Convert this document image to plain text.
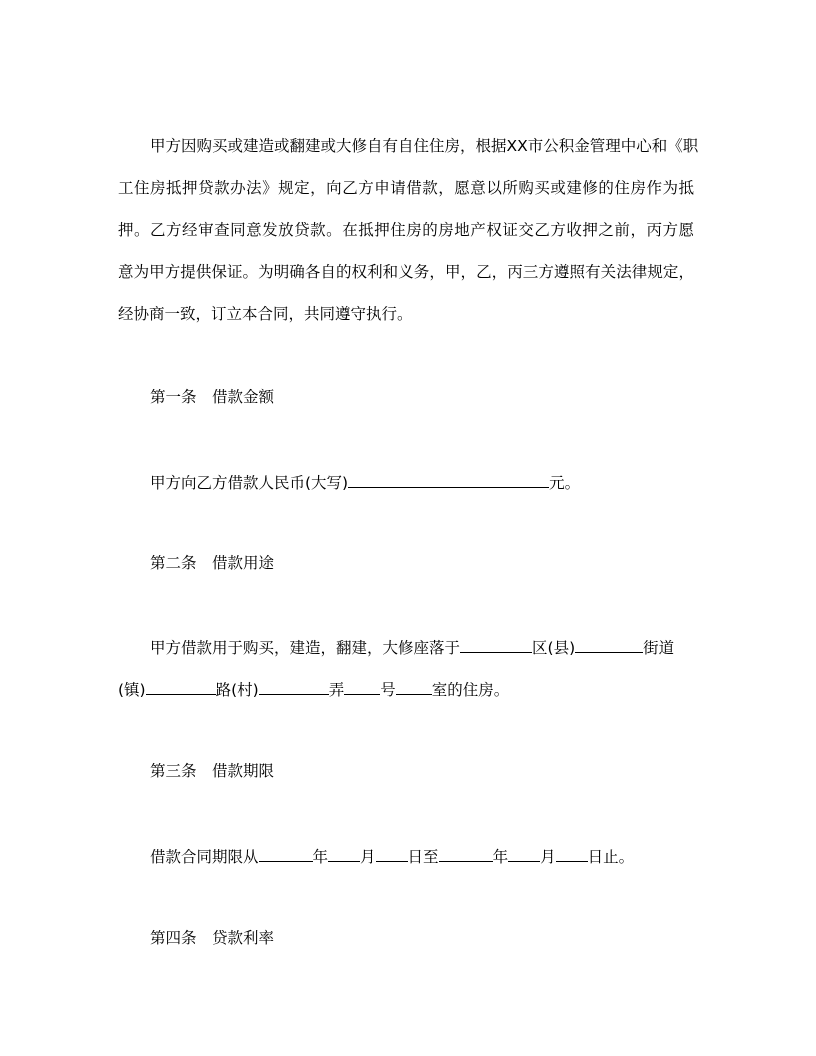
甲方因购买或建造或翻建或大修自有自住住房，根据XX市公积金管理中心和《职
工住房抵押贷款办法》规定，向乙方申请借款，愿意以所购买或建修的住房作为抵
押。乙方经审查同意发放贷款。在抵押住房的房地产权证交乙方收押之前，丙方愿
意为甲方提供保证。为明确各自的权利和义务，甲，乙，丙三方遵照有关法律规定，
经协商一致，订立本合同，共同遵守执行。
第一条　借款金额
甲方向乙方借款人民币(大写)	元。
第二条　借款用途
甲方借款用于购买，建造，翻建，大修座落于	区(县)	街道
(镇)	路(村)	弄 号 室的住房。
第三条　借款期限
借款合同期限从	年 月 日至	年 月 日止。
第四条　贷款利率
